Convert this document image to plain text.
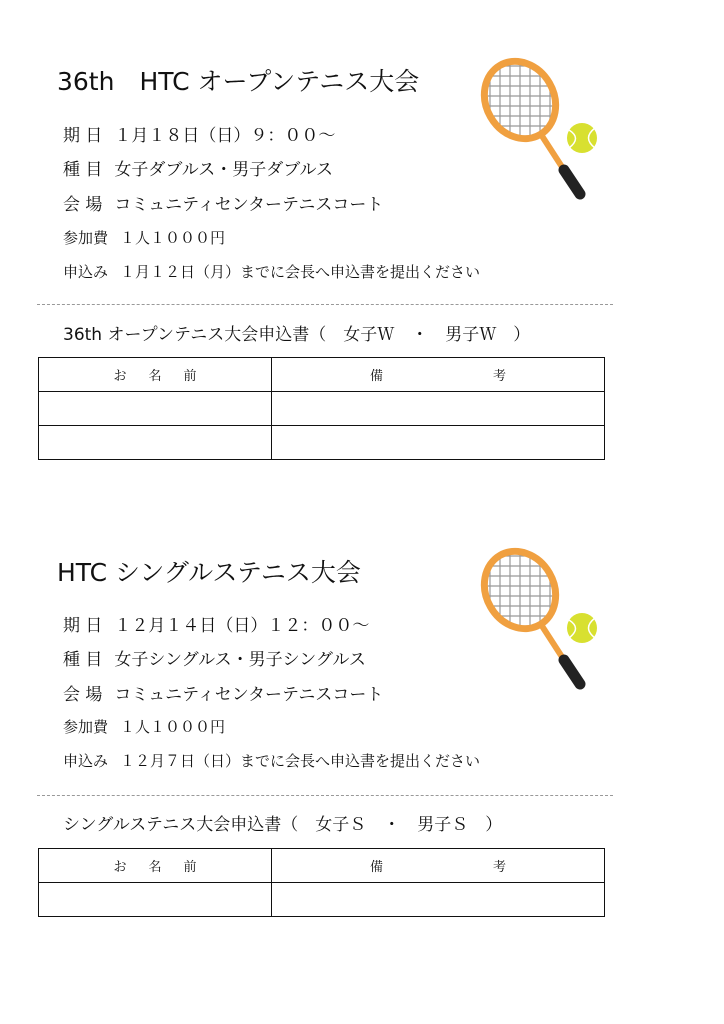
36th　HTC オープンテニス大会
期 日 １月１８日（日）９：００～
種 目 女子ダブルス・男子ダブルス
会 場 コミュニティセンターテニスコート
参加費 １人１０００円
申込み １月１２日（月）までに会長へ申込書を提出ください
36th オープンテニス大会申込書（　女子Ｗ　・　男子Ｗ　）
お名前	備 考

HTC シングルステニス大会
期 日 １２月１４日（日）１２：００～
種 目 女子シングルス・男子シングルス
会 場 コミュニティセンターテニスコート
参加費 １人１０００円
申込み １２月７日（日）までに会長へ申込書を提出ください
シングルステニス大会申込書（　女子Ｓ　・　男子Ｓ　）
お名前	備 考
